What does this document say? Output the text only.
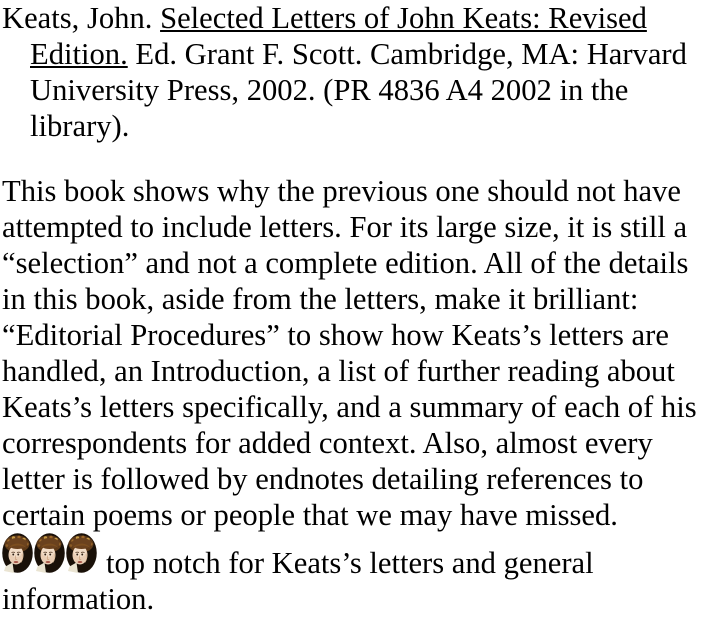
Keats, John. Selected Letters of John Keats: Revised Edition. Ed. Grant F. Scott. Cambridge, MA: Harvard University Press, 2002. (PR 4836 A4 2002 in the library).

This book shows why the previous one should not have attempted to include letters. For its large size, it is still a “selection” and not a complete edition. All of the details in this book, aside from the letters, make it brilliant: “Editorial Procedures” to show how Keats’s letters are handled, an Introduction, a list of further reading about Keats’s letters specifically, and a summary of each of his correspondents for added context. Also, almost every letter is followed by endnotes detailing references to certain poems or people that we may have missed.

top notch for Keats’s letters and general information.
